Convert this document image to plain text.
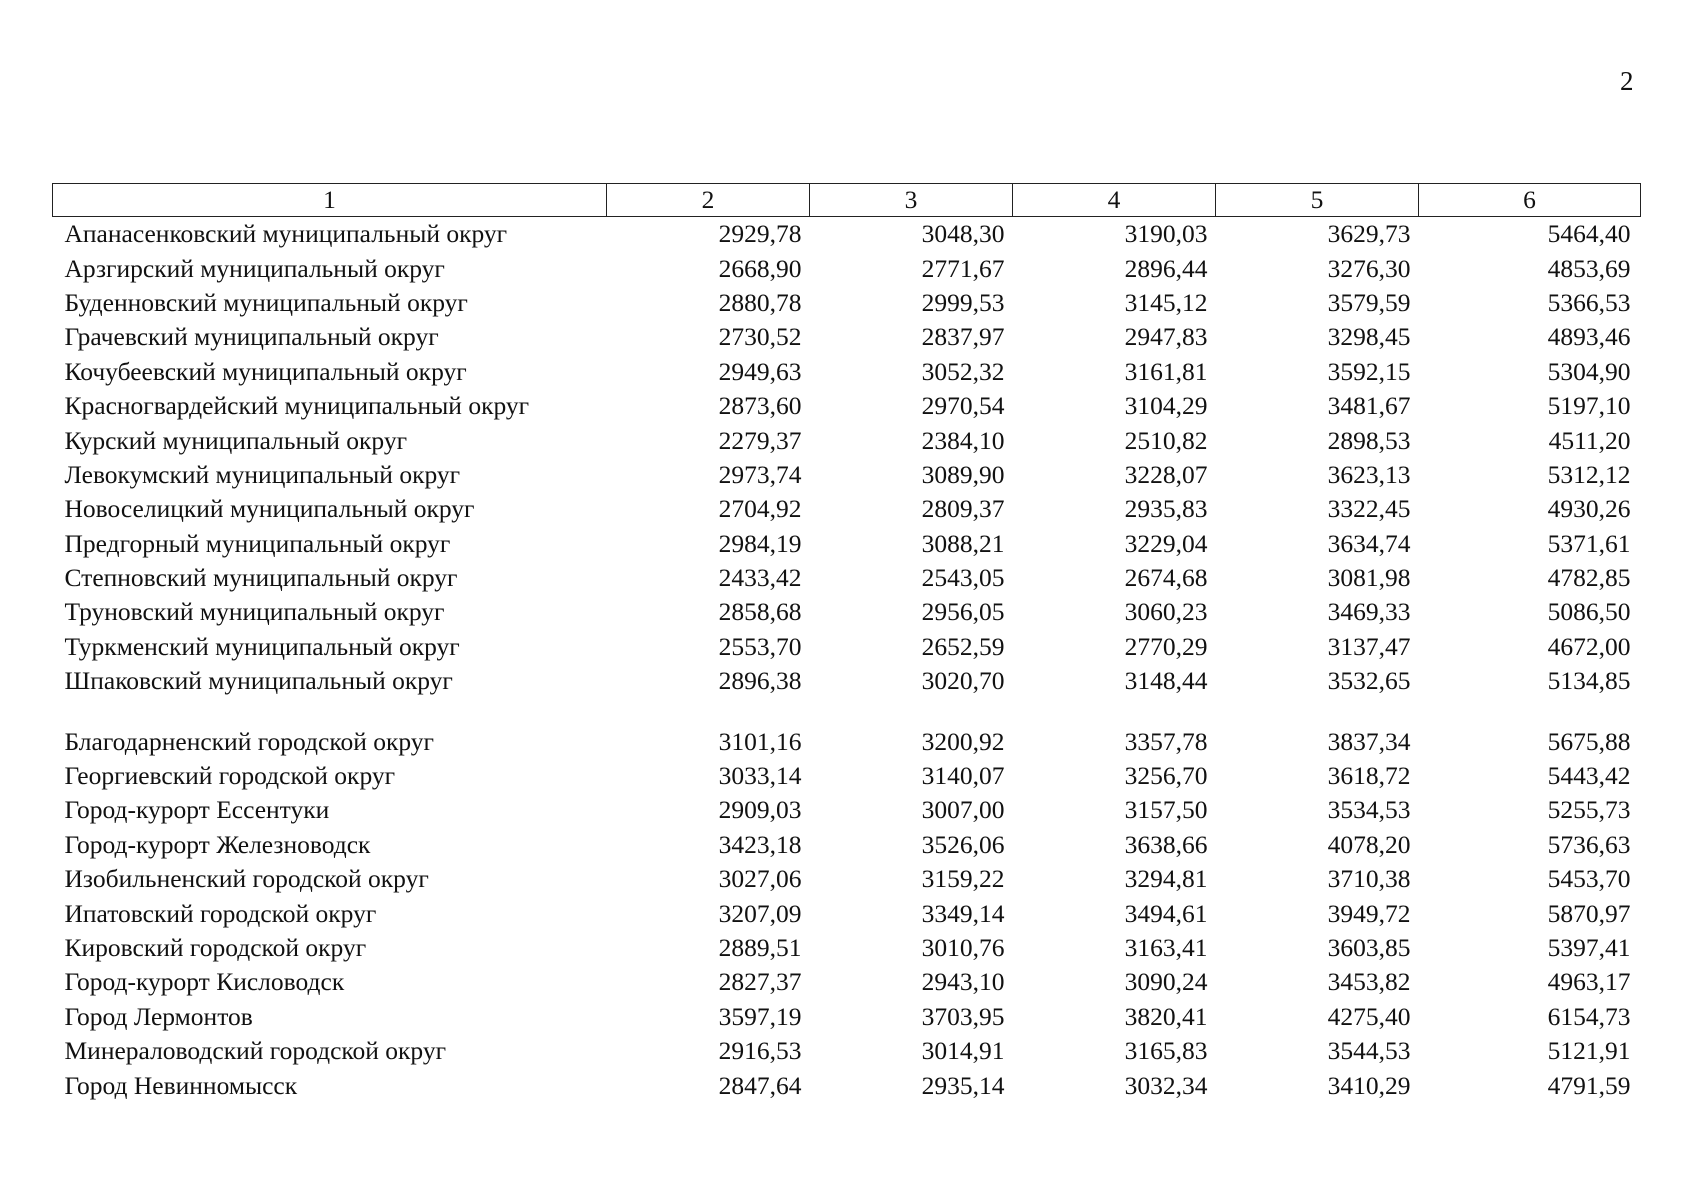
2
1	2	3	4	5	6
Апанасенковский муниципальный округ	2929,78	3048,30	3190,03	3629,73	5464,40
Арзгирский муниципальный округ	2668,90	2771,67	2896,44	3276,30	4853,69
Буденновский муниципальный округ	2880,78	2999,53	3145,12	3579,59	5366,53
Грачевский муниципальный округ	2730,52	2837,97	2947,83	3298,45	4893,46
Кочубеевский муниципальный округ	2949,63	3052,32	3161,81	3592,15	5304,90
Красногвардейский муниципальный округ	2873,60	2970,54	3104,29	3481,67	5197,10
Курский муниципальный округ	2279,37	2384,10	2510,82	2898,53	4511,20
Левокумский муниципальный округ	2973,74	3089,90	3228,07	3623,13	5312,12
Новоселицкий муниципальный округ	2704,92	2809,37	2935,83	3322,45	4930,26
Предгорный муниципальный округ	2984,19	3088,21	3229,04	3634,74	5371,61
Степновский муниципальный округ	2433,42	2543,05	2674,68	3081,98	4782,85
Труновский муниципальный округ	2858,68	2956,05	3060,23	3469,33	5086,50
Туркменский муниципальный округ	2553,70	2652,59	2770,29	3137,47	4672,00
Шпаковский муниципальный округ	2896,38	3020,70	3148,44	3532,65	5134,85

Благодарненский городской округ	3101,16	3200,92	3357,78	3837,34	5675,88
Георгиевский городской округ	3033,14	3140,07	3256,70	3618,72	5443,42
Город-курорт Ессентуки	2909,03	3007,00	3157,50	3534,53	5255,73
Город-курорт Железноводск	3423,18	3526,06	3638,66	4078,20	5736,63
Изобильненский городской округ	3027,06	3159,22	3294,81	3710,38	5453,70
Ипатовский городской округ	3207,09	3349,14	3494,61	3949,72	5870,97
Кировский городской округ	2889,51	3010,76	3163,41	3603,85	5397,41
Город-курорт Кисловодск	2827,37	2943,10	3090,24	3453,82	4963,17
Город Лермонтов	3597,19	3703,95	3820,41	4275,40	6154,73
Минераловодский городской округ	2916,53	3014,91	3165,83	3544,53	5121,91
Город Невинномысск	2847,64	2935,14	3032,34	3410,29	4791,59
